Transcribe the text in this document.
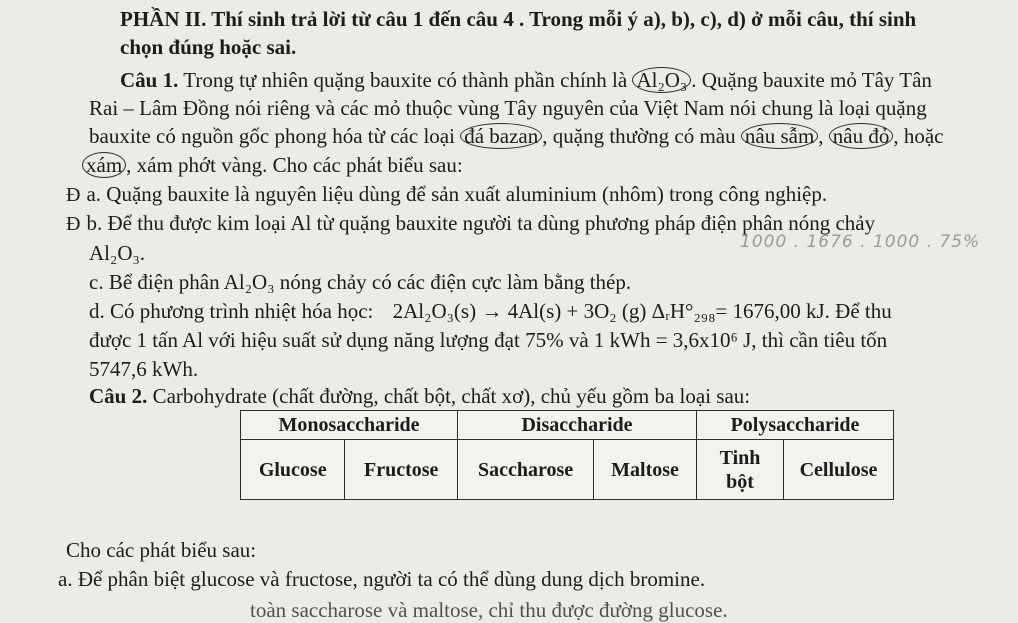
PHẦN II. Thí sinh trả lời từ câu 1 đến câu 4 . Trong mỗi ý a), b), c), d) ở mỗi câu, thí sinh
chọn đúng hoặc sai.
Câu 1. Trong tự nhiên quặng bauxite có thành phần chính là Al₂O₃ . Quặng bauxite mỏ Tây Tân
Rai – Lâm Đồng nói riêng và các mỏ thuộc vùng Tây nguyên của Việt Nam nói chung là loại quặng
bauxite có nguồn gốc phong hóa từ các loại đá bazan , quặng thường có màu nâu sẫm , nâu đỏ , hoặc
xám , xám phớt vàng. Cho các phát biểu sau:
Đ a. Quặng bauxite là nguyên liệu dùng để sản xuất aluminium (nhôm) trong công nghiệp.
Đ b. Để thu được kim loại Al từ quặng bauxite người ta dùng phương pháp điện phân nóng chảy
1000 . 1676 . 1000 . 75%
Al₂O₃.
c. Bể điện phân Al₂O₃ nóng chảy có các điện cực làm bằng thép.
d. Có phương trình nhiệt hóa học: 2Al₂O₃(s) → 4Al(s) + 3O₂ (g) ΔᵣH°₂₉₈= 1676,00 kJ. Để thu
được 1 tấn Al với hiệu suất sử dụng năng lượng đạt 75% và 1 kWh = 3,6x10⁶ J, thì cần tiêu tốn
5747,6 kWh.
Câu 2. Carbohydrate (chất đường, chất bột, chất xơ), chủ yếu gồm ba loại sau:
Monosaccharide		Disaccharide		Polysaccharide	
Glucose	Fructose	Saccharose	Maltose	Tinh bột	Cellulose
Cho các phát biểu sau:
a. Để phân biệt glucose và fructose, người ta có thể dùng dung dịch bromine.
toàn saccharose và maltose, chỉ thu được đường glucose.
